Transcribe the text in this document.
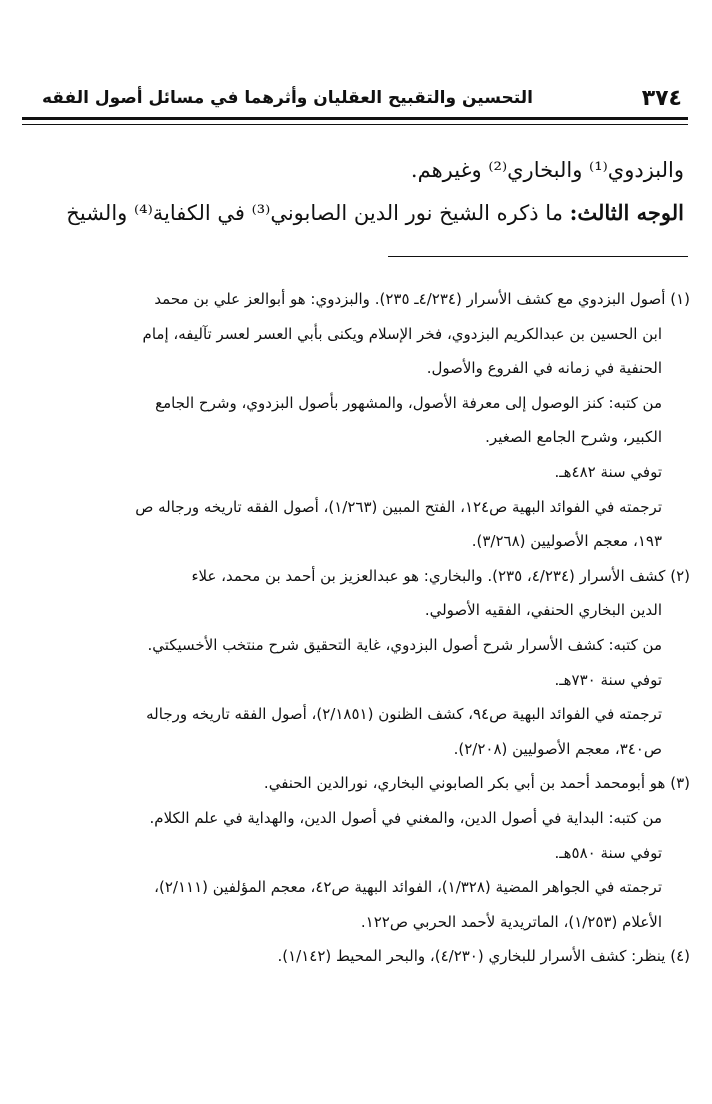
٣٧٤
التحسين والتقبيح العقليان وأثرهما في مسائل أصول الفقه
والبزدوي⁽¹⁾ والبخاري⁽²⁾ وغيرهم.
الوجه الثالث: ما ذكره الشيخ نور الدين الصابوني⁽³⁾ في الكفاية⁽⁴⁾ والشيخ
(١) أصول البزدوي مع كشف الأسرار (٤/٢٣٤ـ ٢٣٥). والبزدوي: هو أبوالعز علي بن محمد
ابن الحسين بن عبدالكريم البزدوي، فخر الإسلام ويكنى بأبي العسر لعسر تآليفه، إمام
الحنفية في زمانه في الفروع والأصول.
من كتبه: كنز الوصول إلى معرفة الأصول، والمشهور بأصول البزدوي، وشرح الجامع
الكبير، وشرح الجامع الصغير.
توفي سنة ٤٨٢هـ.
ترجمته في الفوائد البهية ص١٢٤، الفتح المبين (١/٢٦٣)، أصول الفقه تاريخه ورجاله ص
١٩٣، معجم الأصوليين (٣/٢٦٨).
(٢) كشف الأسرار (٤/٢٣٤، ٢٣٥). والبخاري: هو عبدالعزيز بن أحمد بن محمد، علاء
الدين البخاري الحنفي، الفقيه الأصولي.
من كتبه: كشف الأسرار شرح أصول البزدوي، غاية التحقيق شرح منتخب الأخسيكتي.
توفي سنة ٧٣٠هـ.
ترجمته في الفوائد البهية ص٩٤، كشف الظنون (٢/١٨٥١)، أصول الفقه تاريخه ورجاله
ص٣٤٠، معجم الأصوليين (٢/٢٠٨).
(٣) هو أبومحمد أحمد بن أبي بكر الصابوني البخاري، نورالدين الحنفي.
من كتبه: البداية في أصول الدين، والمغني في أصول الدين، والهداية في علم الكلام.
توفي سنة ٥٨٠هـ.
ترجمته في الجواهر المضية (١/٣٢٨)، الفوائد البهية ص٤٢، معجم المؤلفين (٢/١١١)،
الأعلام (١/٢٥٣)، الماتريدية لأحمد الحربي ص١٢٢.
(٤) ينظر: كشف الأسرار للبخاري (٤/٢٣٠)، والبحر المحيط (١/١٤٢).
